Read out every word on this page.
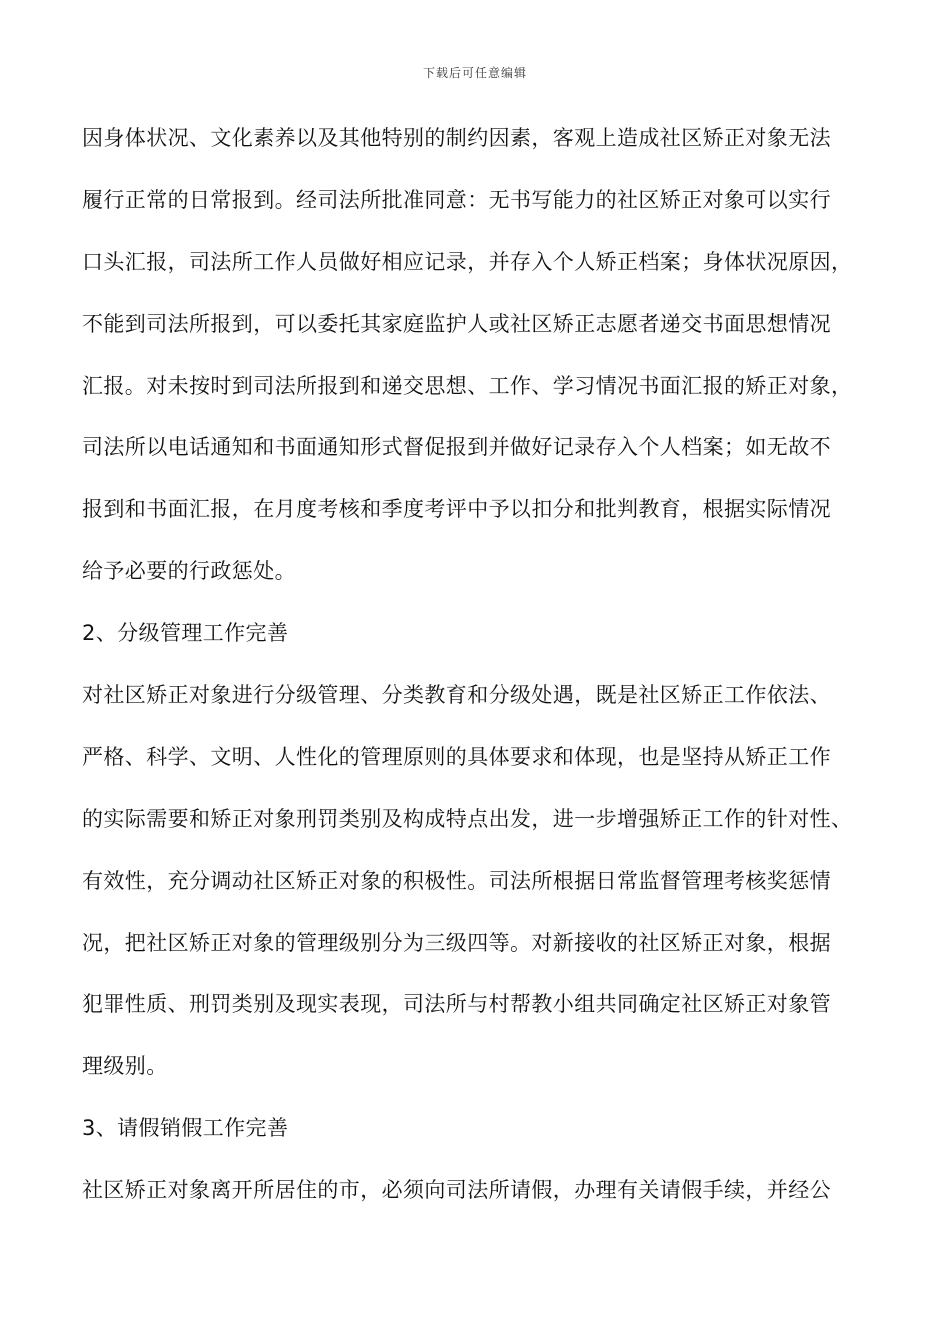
下载后可任意编辑
因身体状况、文化素养以及其他特别的制约因素，客观上造成社区矫正对象无法
履行正常的日常报到。经司法所批准同意：无书写能力的社区矫正对象可以实行
口头汇报，司法所工作人员做好相应记录，并存入个人矫正档案；身体状况原因，
不能到司法所报到，可以委托其家庭监护人或社区矫正志愿者递交书面思想情况
汇报。对未按时到司法所报到和递交思想、工作、学习情况书面汇报的矫正对象，
司法所以电话通知和书面通知形式督促报到并做好记录存入个人档案；如无故不
报到和书面汇报，在月度考核和季度考评中予以扣分和批判教育，根据实际情况
给予必要的行政惩处。
2、分级管理工作完善
对社区矫正对象进行分级管理、分类教育和分级处遇，既是社区矫正工作依法、
严格、科学、文明、人性化的管理原则的具体要求和体现，也是坚持从矫正工作
的实际需要和矫正对象刑罚类别及构成特点出发，进一步增强矫正工作的针对性、
有效性，充分调动社区矫正对象的积极性。司法所根据日常监督管理考核奖惩情
况，把社区矫正对象的管理级别分为三级四等。对新接收的社区矫正对象，根据
犯罪性质、刑罚类别及现实表现，司法所与村帮教小组共同确定社区矫正对象管
理级别。
3、请假销假工作完善
社区矫正对象离开所居住的市，必须向司法所请假，办理有关请假手续，并经公
